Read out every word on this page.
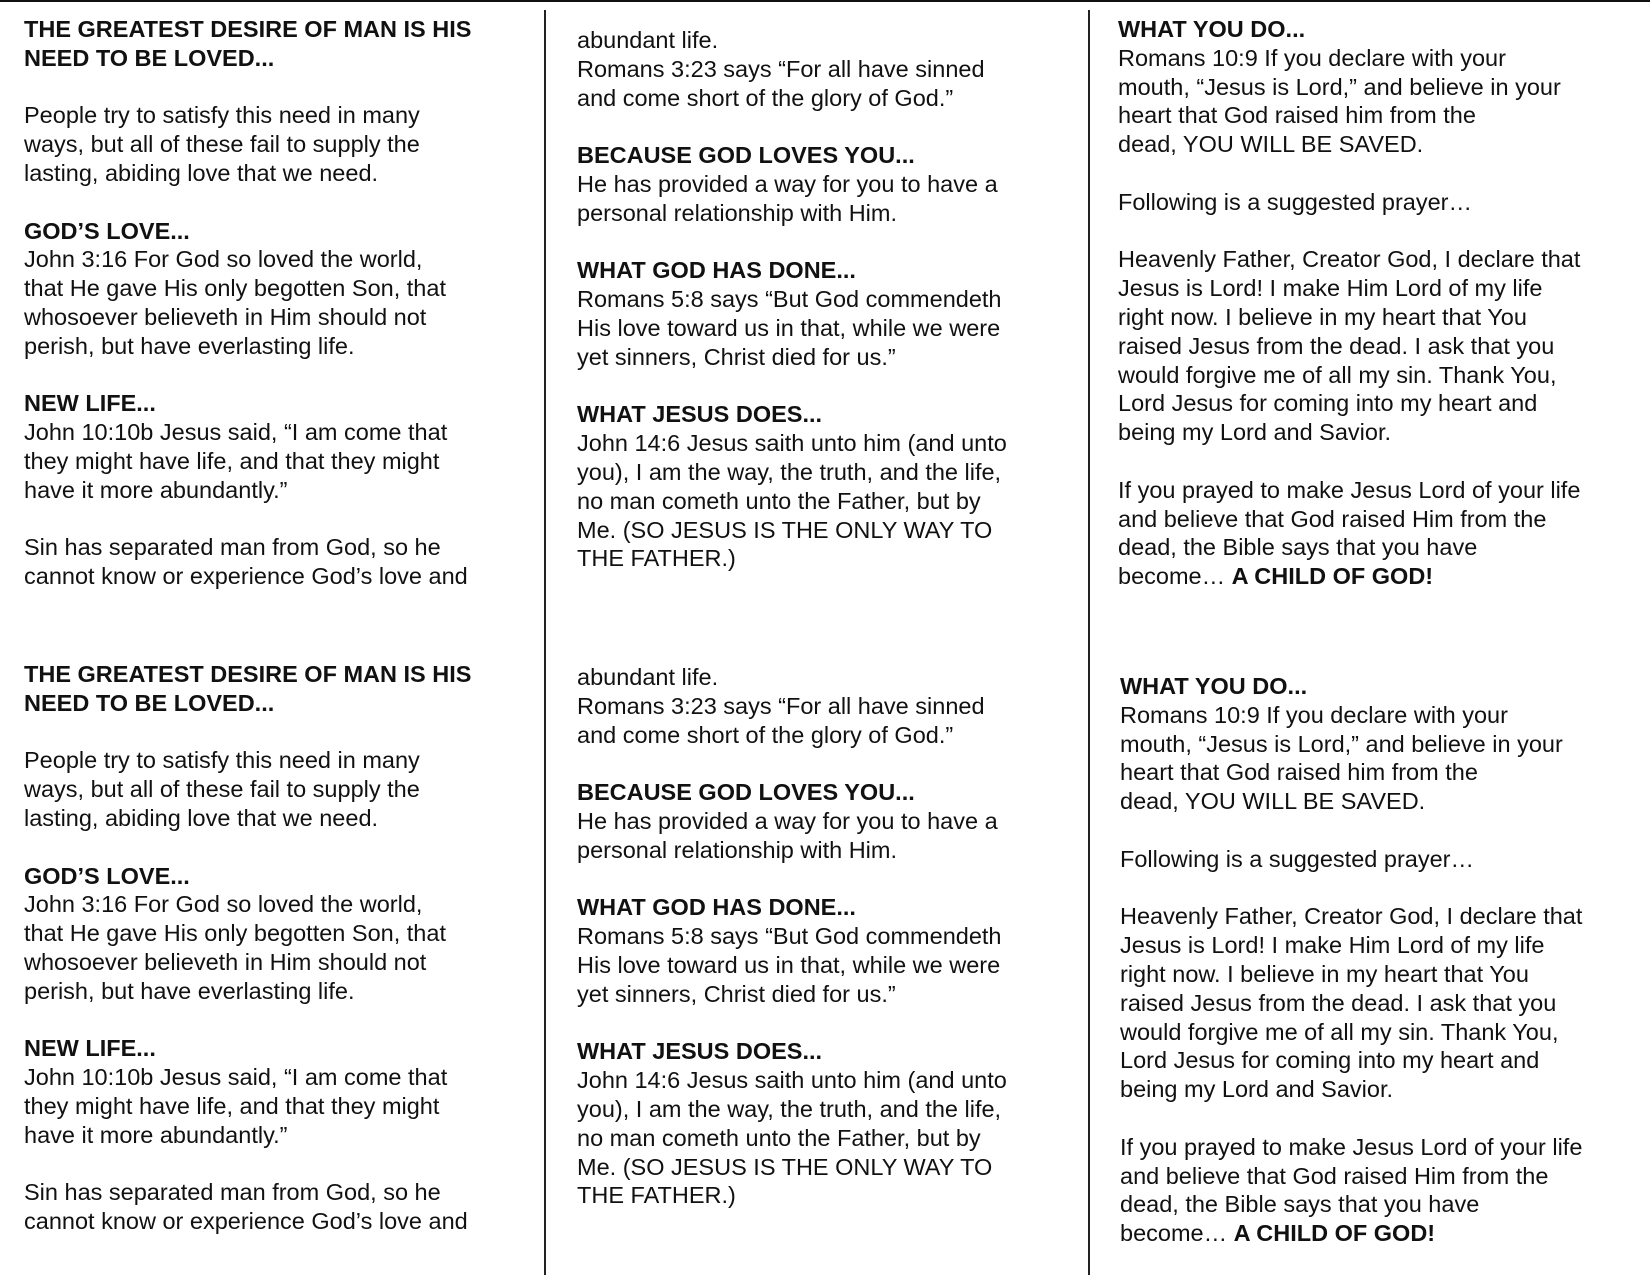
THE GREATEST DESIRE OF MAN IS HIS
NEED TO BE LOVED...

People try to satisfy this need in many
ways, but all of these fail to supply the
lasting, abiding love that we need.

GOD’S LOVE...

John 3:16 For God so loved the world,
that He gave His only begotten Son, that
whosoever believeth in Him should not
perish, but have everlasting life.

NEW LIFE...

John 10:10b Jesus said, “I am come that
they might have life, and that they might
have it more abundantly.”

Sin has separated man from God, so he
cannot know or experience God’s love and

abundant life.
Romans 3:23 says “For all have sinned
and come short of the glory of God.”

BECAUSE GOD LOVES YOU...

He has provided a way for you to have a
personal relationship with Him.

WHAT GOD HAS DONE...

Romans 5:8 says “But God commendeth
His love toward us in that, while we were
yet sinners, Christ died for us.”

WHAT JESUS DOES...

John 14:6 Jesus saith unto him (and unto
you), I am the way, the truth, and the life,
no man cometh unto the Father, but by
Me. (SO JESUS IS THE ONLY WAY TO
THE FATHER.)

WHAT YOU DO...

Romans 10:9 If you declare with your
mouth, “Jesus is Lord,” and believe in your
heart that God raised him from the
dead, YOU WILL BE SAVED.

Following is a suggested prayer…

Heavenly Father, Creator God, I declare that
Jesus is Lord! I make Him Lord of my life
right now. I believe in my heart that You
raised Jesus from the dead. I ask that you
would forgive me of all my sin. Thank You,
Lord Jesus for coming into my heart and
being my Lord and Savior.

If you prayed to make Jesus Lord of your life
and believe that God raised Him from the
dead, the Bible says that you have
become… A CHILD OF GOD!

THE GREATEST DESIRE OF MAN IS HIS
NEED TO BE LOVED...

People try to satisfy this need in many
ways, but all of these fail to supply the
lasting, abiding love that we need.

GOD’S LOVE...

John 3:16 For God so loved the world,
that He gave His only begotten Son, that
whosoever believeth in Him should not
perish, but have everlasting life.

NEW LIFE...

John 10:10b Jesus said, “I am come that
they might have life, and that they might
have it more abundantly.”

Sin has separated man from God, so he
cannot know or experience God’s love and

abundant life.
Romans 3:23 says “For all have sinned
and come short of the glory of God.”

BECAUSE GOD LOVES YOU...

He has provided a way for you to have a
personal relationship with Him.

WHAT GOD HAS DONE...

Romans 5:8 says “But God commendeth
His love toward us in that, while we were
yet sinners, Christ died for us.”

WHAT JESUS DOES...

John 14:6 Jesus saith unto him (and unto
you), I am the way, the truth, and the life,
no man cometh unto the Father, but by
Me. (SO JESUS IS THE ONLY WAY TO
THE FATHER.)

WHAT YOU DO...

Romans 10:9 If you declare with your
mouth, “Jesus is Lord,” and believe in your
heart that God raised him from the
dead, YOU WILL BE SAVED.

Following is a suggested prayer…

Heavenly Father, Creator God, I declare that
Jesus is Lord! I make Him Lord of my life
right now. I believe in my heart that You
raised Jesus from the dead. I ask that you
would forgive me of all my sin. Thank You,
Lord Jesus for coming into my heart and
being my Lord and Savior.

If you prayed to make Jesus Lord of your life
and believe that God raised Him from the
dead, the Bible says that you have
become… A CHILD OF GOD!
